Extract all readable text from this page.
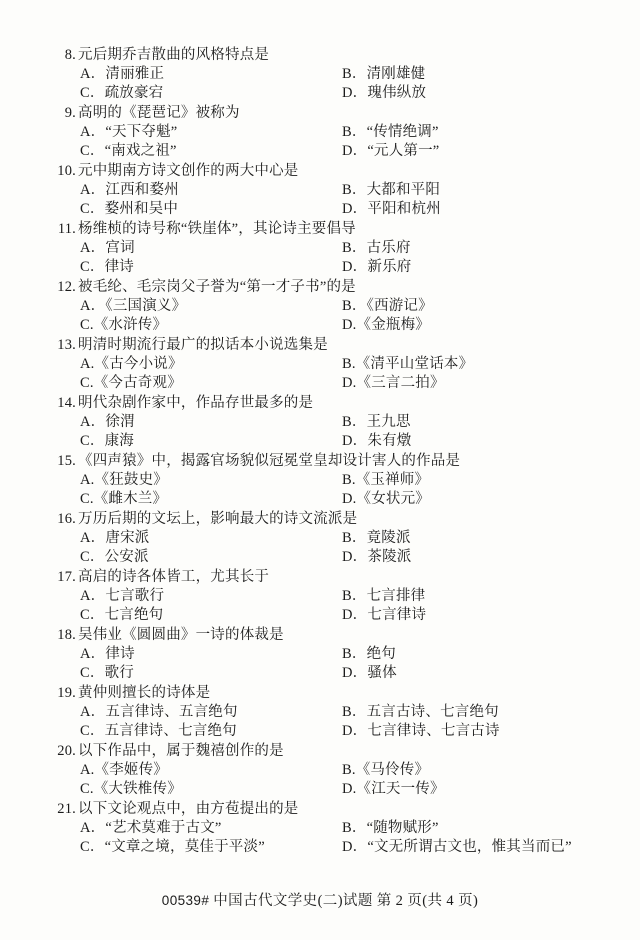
8. 元后期乔吉散曲的风格特点是
A．清丽雅正	B．清刚雄健
C．疏放豪宕	D．瑰伟纵放
9. 高明的《琵琶记》被称为
A．“天下夺魁”	B．“传情绝调”
C．“南戏之祖”	D．“元人第一”
10. 元中期南方诗文创作的两大中心是
A．江西和婺州	B．大都和平阳
C．婺州和吴中	D．平阳和杭州
11. 杨维桢的诗号称“铁崖体”，其论诗主要倡导
A．宫词	B．古乐府
C．律诗	D．新乐府
12. 被毛纶、毛宗岗父子誉为“第一才子书”的是
A．《三国演义》	B．《西游记》
C.《水浒传》	D.《金瓶梅》
13. 明清时期流行最广的拟话本小说选集是
A.《古今小说》	B.《清平山堂话本》
C.《今古奇观》	D.《三言二拍》
14. 明代杂剧作家中，作品存世最多的是
A．徐渭	B．王九思
C．康海	D．朱有燉
15. 《四声猿》中，揭露官场貌似冠冕堂皇却设计害人的作品是
A.《狂鼓史》	B.《玉禅师》
C.《雌木兰》	D.《女状元》
16. 万历后期的文坛上，影响最大的诗文流派是
A．唐宋派	B．竟陵派
C．公安派	D．茶陵派
17. 高启的诗各体皆工，尤其长于
A．七言歌行	B．七言排律
C．七言绝句	D．七言律诗
18. 吴伟业《圆圆曲》一诗的体裁是
A．律诗	B．绝句
C．歌行	D．骚体
19. 黄仲则擅长的诗体是
A．五言律诗、五言绝句	B．五言古诗、七言绝句
C．五言律诗、七言绝句	D．七言律诗、七言古诗
20. 以下作品中，属于魏禧创作的是
A.《李姬传》	B.《马伶传》
C.《大铁椎传》	D.《江天一传》
21. 以下文论观点中，由方苞提出的是
A．“艺术莫难于古文”	B．“随物赋形”
C．“文章之境，莫佳于平淡”	D．“文无所谓古文也，惟其当而已”
00539# 中国古代文学史(二)试题 第 2 页(共 4 页)
